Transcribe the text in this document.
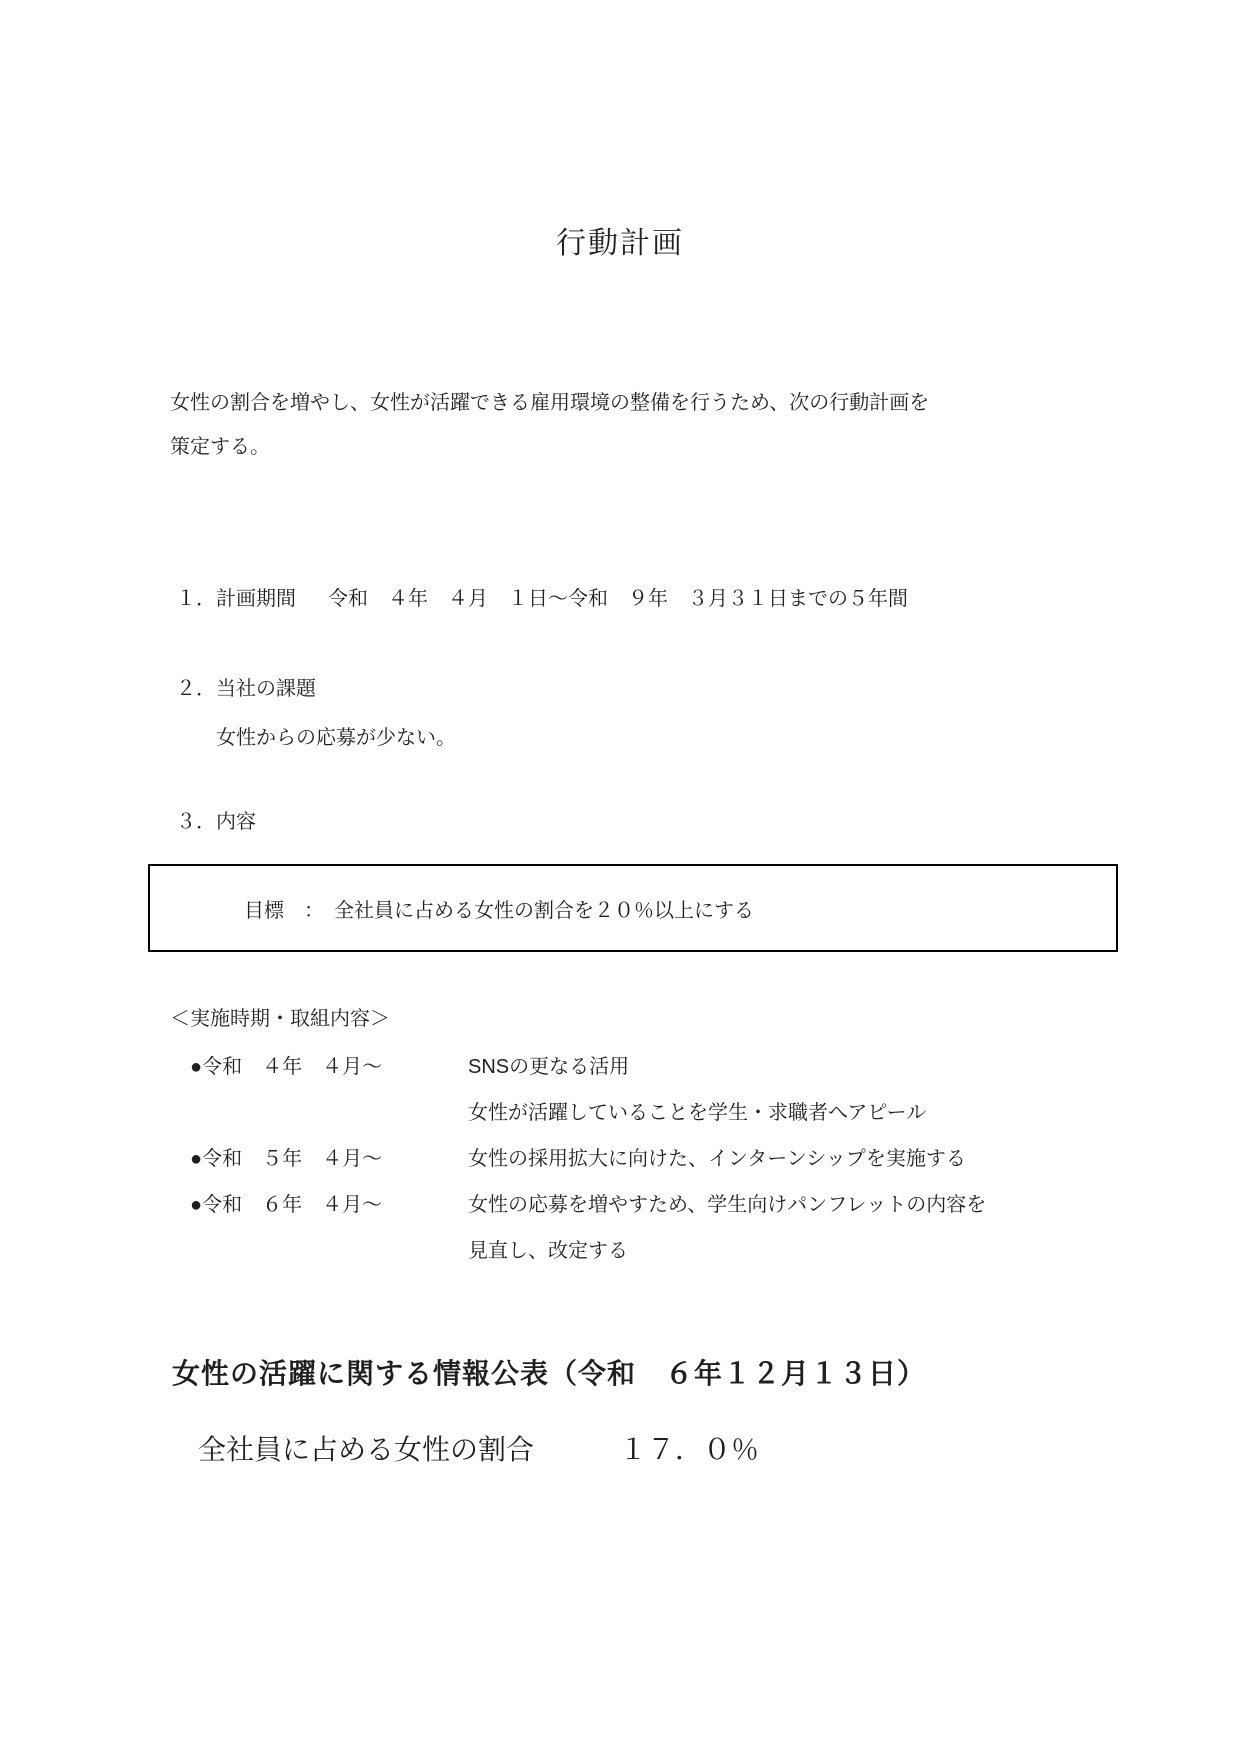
行動計画
女性の割合を増やし、女性が活躍できる雇用環境の整備を行うため、次の行動計画を
策定する。
１．計画期間 令和　４年　４月　１日～令和　９年　３月３１日までの５年間
２．当社の課題
女性からの応募が少ない。
３．内容
目標　：　全社員に占める女性の割合を２０％以上にする
＜実施時期・取組内容＞
●令和　４年　４月～	SNSの更なる活用
女性が活躍していることを学生・求職者へアピール
●令和　５年　４月～	女性の採用拡大に向けた、インターンシップを実施する
●令和　６年　４月～	女性の応募を増やすため、学生向けパンフレットの内容を
見直し、改定する
女性の活躍に関する情報公表（令和　６年１２月１３日）
全社員に占める女性の割合	１７．０％
